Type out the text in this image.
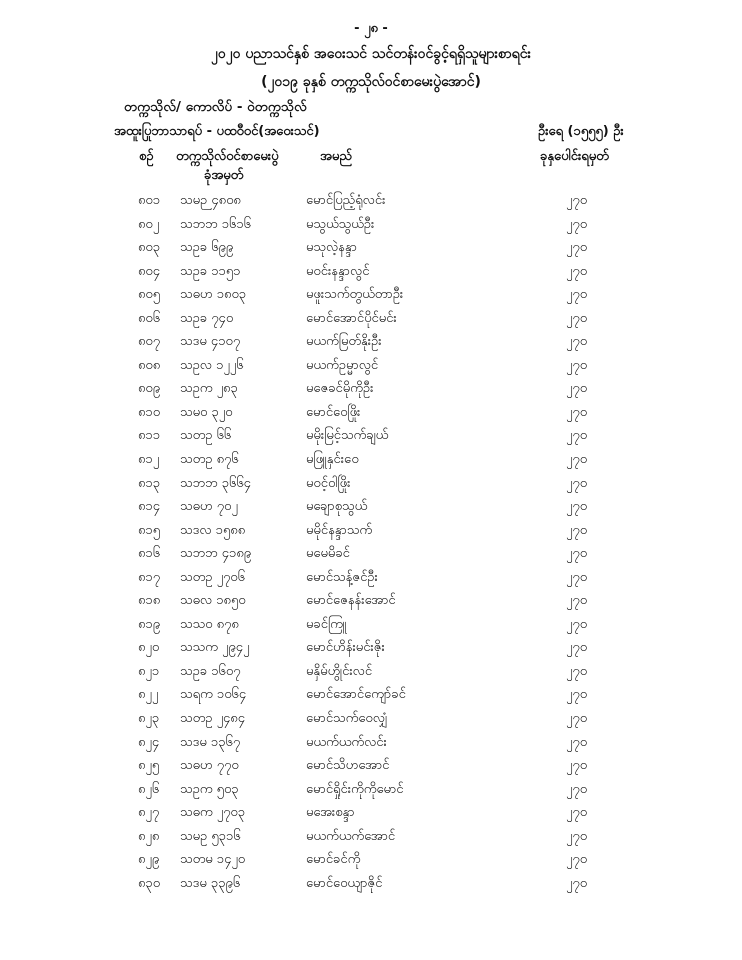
- ၂၈ -
၂၀၂၀ ပညာသင်နှစ် အဝေးသင် သင်တန်းဝင်ခွင့်ရရှိသူများစာရင်း
(၂၀၁၉ ခုနှစ် တက္ကသိုလ်ဝင်စာမေးပွဲအောင်)
တက္ကသိုလ်/ ကောလိပ် - ဝဲတက္ကသိုလ်
အထူးပြုဘာသာရပ် - ပထဝီဝင်(အဝေးသင်)	ဦးရေ (၁၅၅၅) ဦး
စဉ် တက္ကသိုလ်ဝင်စာမေးပွဲ
ခုံအမှတ်
အမည်	ခုနှပေါင်းရမှတ်
၈၀၁	သမဉ ၄၈၀၈	မောင်ပြည့်ရုံလင်း	၂၇၀
၈၀၂	သဘဘ ၁၆၁၆	မသွယ်သွယ်ဦး	၂၇၀
၈၀၃	သဥခ ၆၉၉	မသုလဲ့နန္ဒာ	၂၇၀
၈၀၄	သဥခ ၁၁၅၁	မဝင်းနန္ဒာလွင်	၂၇၀
၈၀၅	သဓဟ ၁၈၀၃	မဖူးသက်တွယ်တာဦး	၂၇၀
၈၀၆	သဥခ ၇၄၀	မောင်အောင်ပိုင်မင်း	၂၇၀
၈၀၇	သဒမ ၄၁၀၇	မယက်မြတ်နိုးဦး	၂၇၀
၈၀၈	သဥလ ၁၂၂၆	မယက်ဥမ္မာလွင်	၂၇၀
၈၀၉	သဥက ၂၈၃	မဇေခင်မိုကိုဦး	၂၇၀
၈၁၀	သမ၀ ၃၂၀	မောင်ဝေဖြိုး	၂၇၀
၈၁၁	သတဥ ၆၆	မမိုးမြင့်သက်ချယ်	၂၇၀
၈၁၂	သတဥ ၈၇၆	မဖြူနှင်း၀ေ	၂၇၀
၈၁၃	သဘဘ ၃၆၆၄	မဝင့်ဝါဖြိုး	၂၇၀
၈၁၄	သဓဟ ၇၀၂	မချောစုသွယ်	၂၇၀
၈၁၅	သဒလ ၁၅၈၈	မမိုင်နန္ဒာသက်	၂၇၀
၈၁၆	သဘဘ ၄၁၈၉	မမေမိခင်	၂၇၀
၈၁၇	သတဥ ၂၇၀၆	မောင်သန့်ဇင်ဦး	၂၇၀
၈၁၈	သဓလ ၁၈၅၀	မောင်ဇေနန်းအောင်	၂၇၀
၈၁၉	သသ၀ ၈၇၈	မခင်ကြူ	၂၇၀
၈၂၀	သသက ၂၉၄၂	မောင်ဟိန်းမင်းဇိုး	၂၇၀
၈၂၁	သဥခ ၁၆၀၇	မနှိမ်ဟွိုင်းလင်	၂၇၀
၈၂၂	သရက ၁၀၆၄	မောင်အောင်ကျော်ခင်	၂၇၀
၈၂၃	သတဥ ၂၄၈၄	မောင်သက်ဝေလျှံ	၂၇၀
၈၂၄	သဒမ ၁၃၆၇	မယက်ယက်လင်း	၂၇၀
၈၂၅	သဓဟ ၇၇၀	မောင်သိဟအောင်	၂၇၀
၈၂၆	သဥက ၅၀၃	မောင်ရှိုင်းကိုကိုမောင်	၂၇၀
၈၂၇	သဓက ၂၇၀၃	မအေးစန္ဒာ	၂၇၀
၈၂၈	သမဥ ၅၃၁၆	မယက်ယက်အောင်	၂၇၀
၈၂၉	သတမ ၁၄၂၀	မောင်ခင်ကို	၂၇၀
၈၃၀	သဒမ ၃၃၉၆	မောင်ဝေယျာဇိုင်	၂၇၀
